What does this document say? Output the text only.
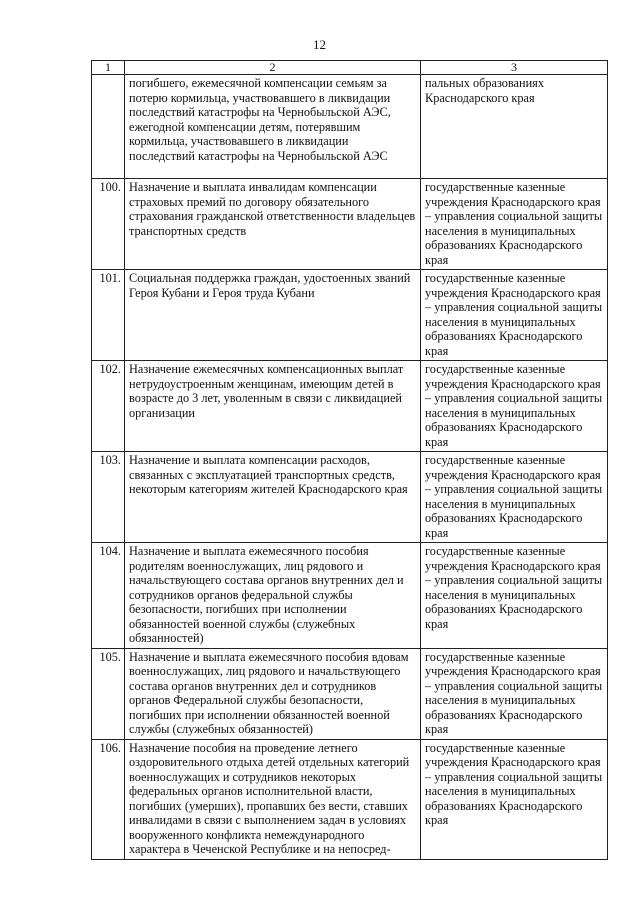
12
1	2	3
	погибшего, ежемесячной компенсации семьям за потерю кормильца, участвовавшего в ликвидации последствий катастрофы на Чернобыльской АЭС, ежегодной компенсации детям, потерявшим кормильца, участвовавшего в ликвидации последствий катастрофы на Чернобыльской АЭС	пальных образованиях Краснодарского края
100.	Назначение и выплата инвалидам компенсации страховых премий по договору обязательного страхования гражданской ответственности владельцев транспортных средств	государственные казенные учреждения Краснодарского края – управления социальной защиты населения в муниципальных образованиях Краснодарского края
101.	Социальная поддержка граждан, удостоенных званий Героя Кубани и Героя труда Кубани	государственные казенные учреждения Краснодарского края – управления социальной защиты населения в муниципальных образованиях Краснодарского края
102.	Назначение ежемесячных компенсационных выплат нетрудоустроенным женщинам, имеющим детей в возрасте до 3 лет, уволенным в связи с ликвидацией организации	государственные казенные учреждения Краснодарского края – управления социальной защиты населения в муниципальных образованиях Краснодарского края
103.	Назначение и выплата компенсации расходов, связанных с эксплуатацией транспортных средств, некоторым категориям жителей Краснодарского края	государственные казенные учреждения Краснодарского края – управления социальной защиты населения в муниципальных образованиях Краснодарского края
104.	Назначение и выплата ежемесячного пособия родителям военнослужащих, лиц рядового и начальствующего состава органов внутренних дел и сотрудников органов федеральной службы безопасности, погибших при исполнении обязанностей военной службы (служебных обязанностей)	государственные казенные учреждения Краснодарского края – управления социальной защиты населения в муниципальных образованиях Краснодарского края
105.	Назначение и выплата ежемесячного пособия вдовам военнослужащих, лиц рядового и начальствующего состава органов внутренних дел и сотрудников органов Федеральной службы безопасности, погибших при исполнении обязанностей военной службы (служебных обязанностей)	государственные казенные учреждения Краснодарского края – управления социальной защиты населения в муниципальных образованиях Краснодарского края
106.	Назначение пособия на проведение летнего оздоровительного отдыха детей отдельных категорий военнослужащих и сотрудников некоторых федеральных органов исполнительной власти, погибших (умерших), пропавших без вести, ставших инвалидами в связи с выполнением задач в условиях вооруженного конфликта немеждународного характера в Чеченской Республике и на непосред-	государственные казенные учреждения Краснодарского края – управления социальной защиты населения в муниципальных образованиях Краснодарского края
